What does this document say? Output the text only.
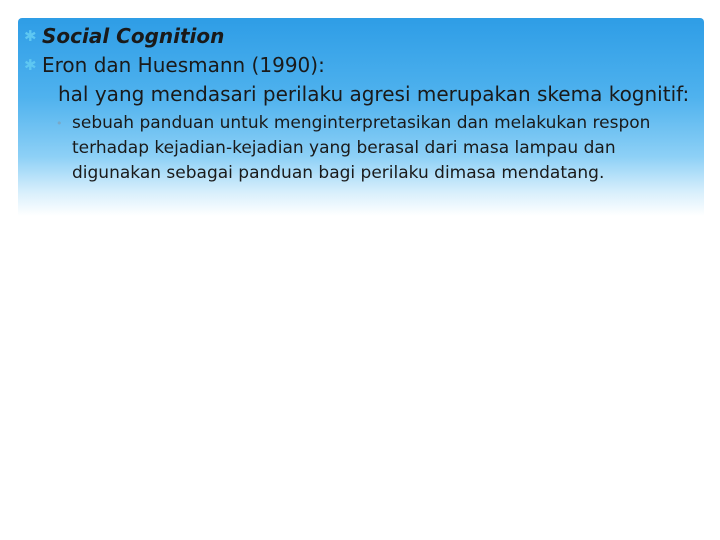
✱ Social Cognition
✱ Eron dan Huesmann (1990):
hal yang mendasari perilaku agresi merupakan skema kognitif:
• sebuah panduan untuk menginterpretasikan dan melakukan respon terhadap kejadian-kejadian yang berasal dari masa lampau dan digunakan sebagai panduan bagi perilaku dimasa mendatang.
